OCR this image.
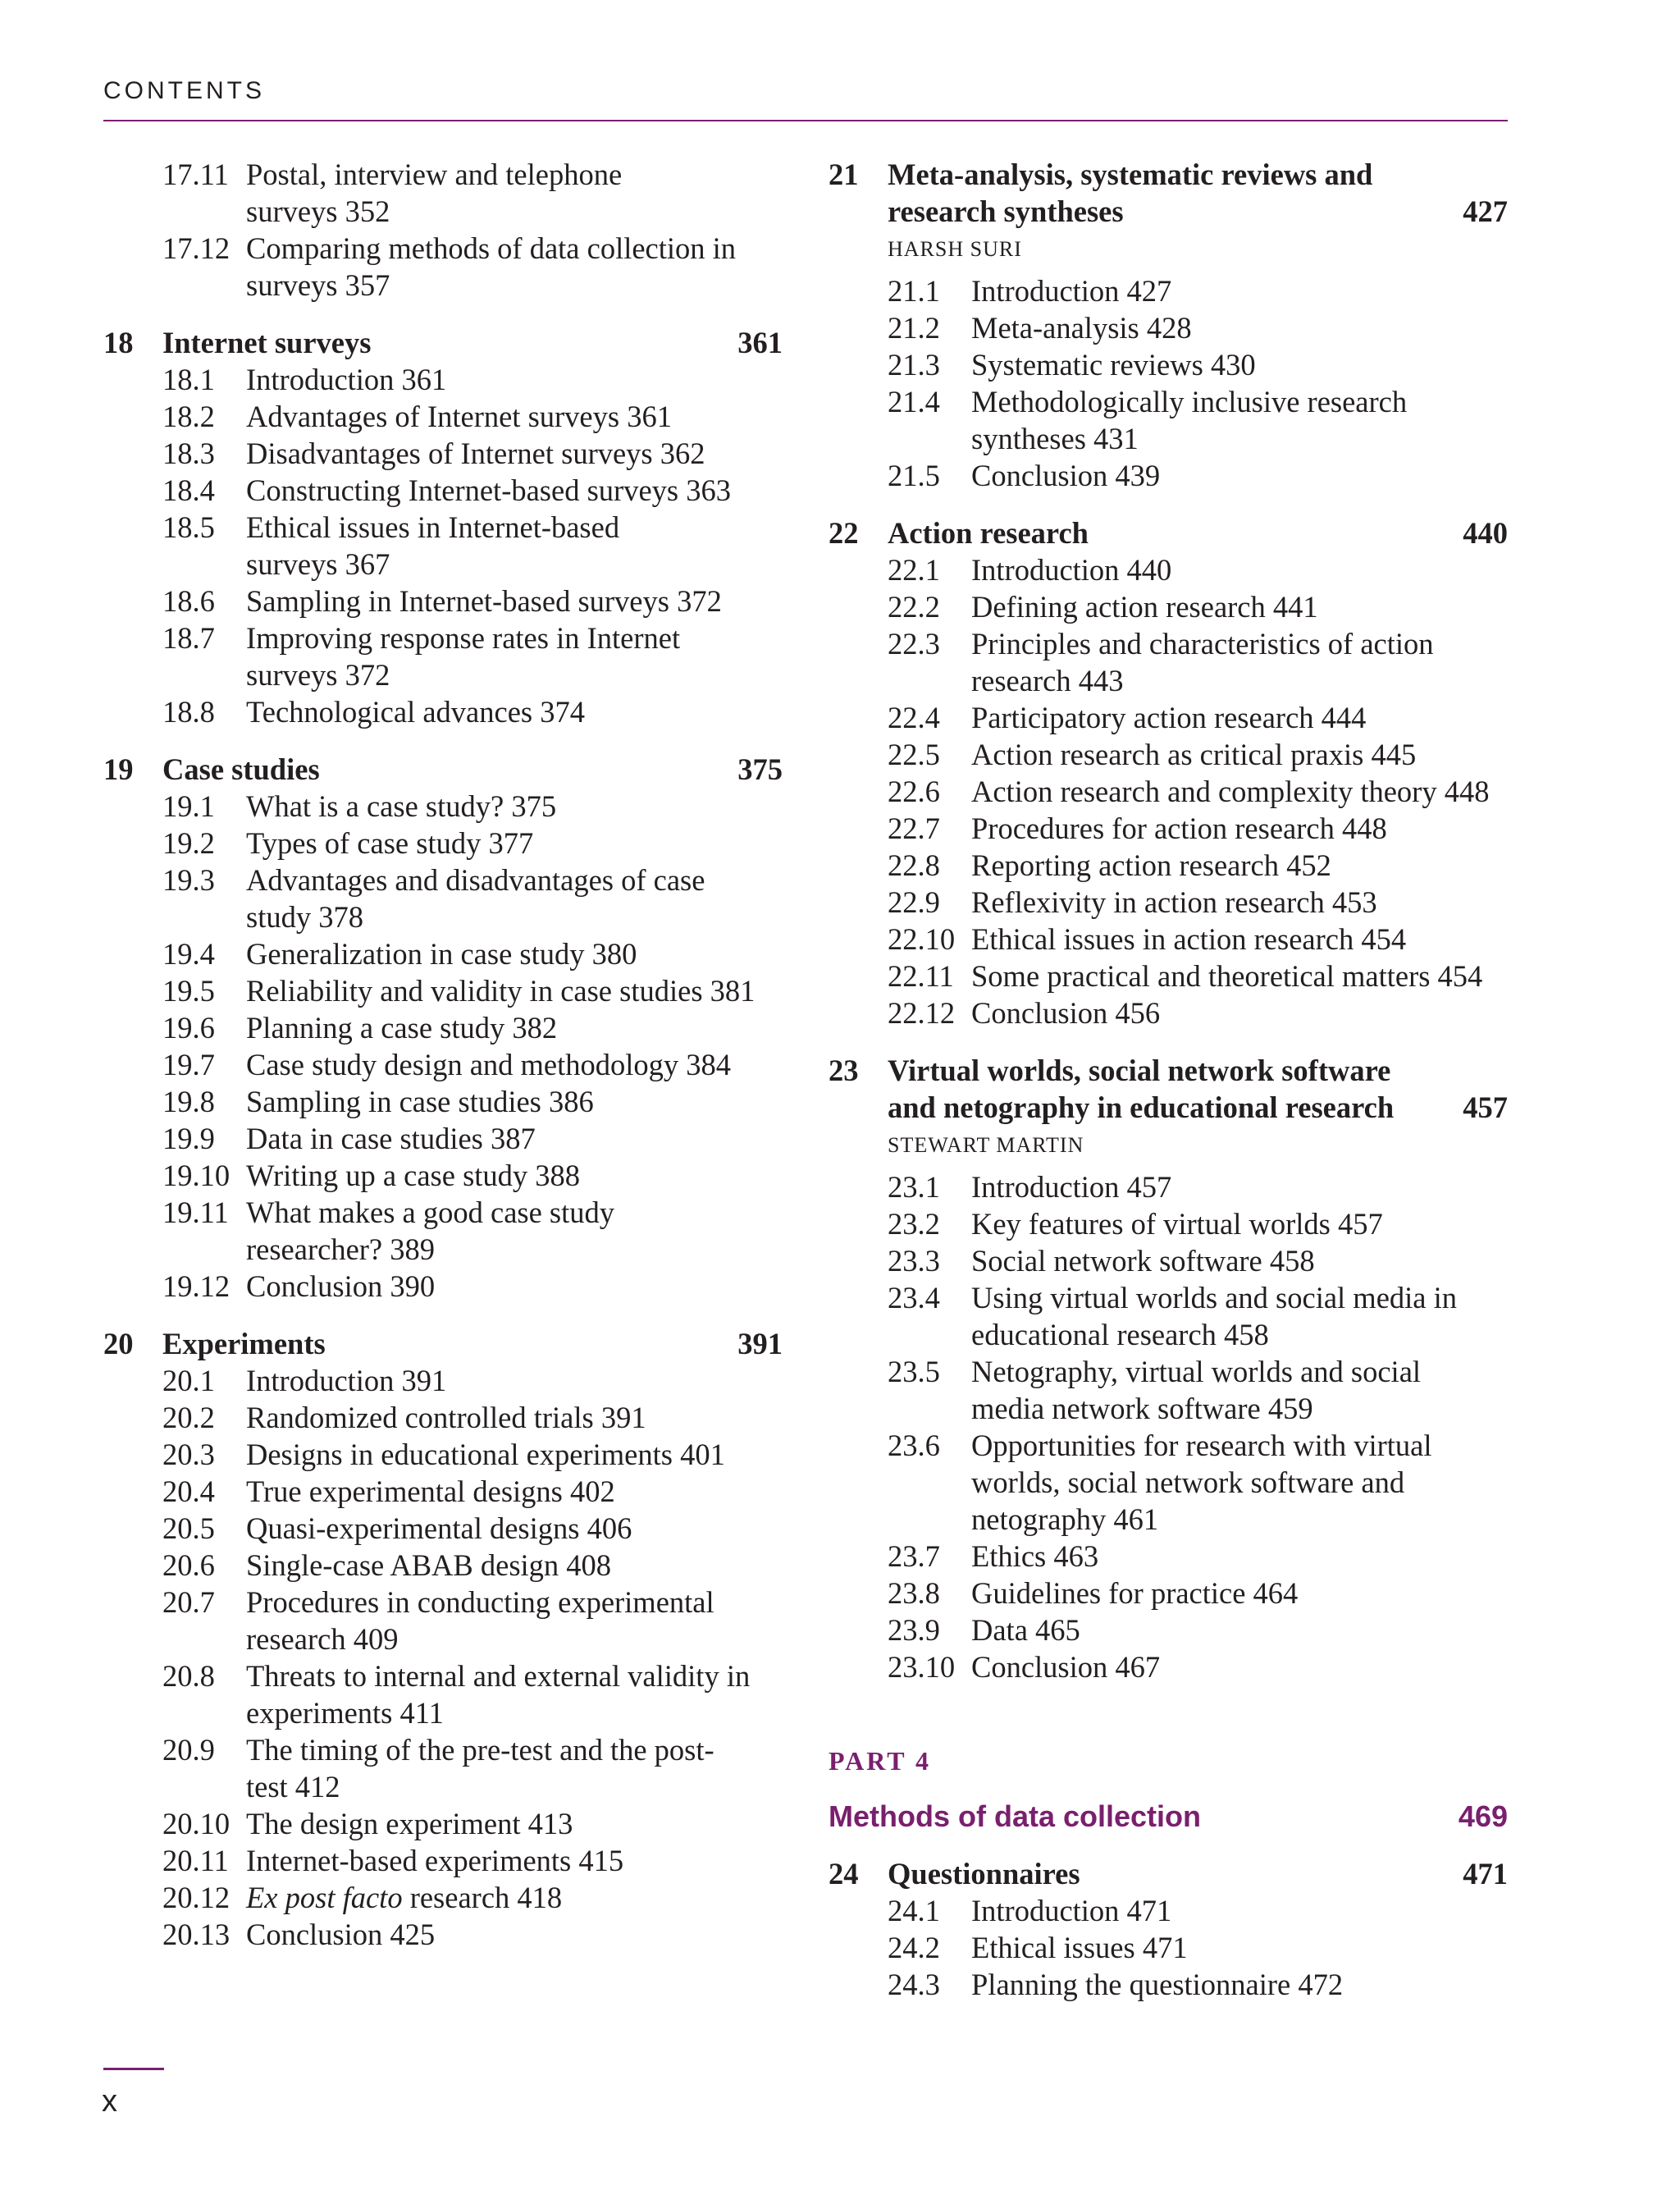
CONTENTS
17.11 Postal, interview and telephone
surveys 352
17.12 Comparing methods of data collection in
surveys 357
18 Internet surveys	361
18.1	Introduction 361
18.2	Advantages of Internet surveys 361
18.3	Disadvantages of Internet surveys 362
18.4	Constructing Internet-based surveys 363
18.5	Ethical issues in Internet-based
surveys 367
18.6	Sampling in Internet-based surveys 372
18.7	Improving response rates in Internet
surveys 372
18.8	Technological advances 374
19 Case studies	375
19.1	What is a case study? 375
19.2	Types of case study 377
19.3	Advantages and disadvantages of case
study 378
19.4	Generalization in case study 380
19.5	Reliability and validity in case studies 381
19.6	Planning a case study 382
19.7	Case study design and methodology 384
19.8	Sampling in case studies 386
19.9	Data in case studies 387
19.10 Writing up a case study 388
19.11 What makes a good case study
researcher? 389
19.12 Conclusion 390
20 Experiments	391
20.1	Introduction 391
20.2	Randomized controlled trials 391
20.3	Designs in educational experiments 401
20.4	True experimental designs 402
20.5	Quasi-experimental designs 406
20.6	Single-case ABAB design 408
20.7	Procedures in conducting experimental
research 409
20.8	Threats to internal and external validity in
experiments 411
20.9	The timing of the pre-test and the post-
test 412
20.10 The design experiment 413
20.11 Internet-based experiments 415
20.12 Ex post facto research 418
20.13 Conclusion 425
21 Meta-analysis, systematic reviews and
research syntheses	427
HARSH SURI
21.1	Introduction 427
21.2	Meta-analysis 428
21.3	Systematic reviews 430
21.4	Methodologically inclusive research
syntheses 431
21.5	Conclusion 439
22 Action research	440
22.1	Introduction 440
22.2	Defining action research 441
22.3	Principles and characteristics of action
research 443
22.4	Participatory action research 444
22.5	Action research as critical praxis 445
22.6	Action research and complexity theory 448
22.7	Procedures for action research 448
22.8	Reporting action research 452
22.9	Reflexivity in action research 453
22.10 Ethical issues in action research 454
22.11 Some practical and theoretical matters 454
22.12 Conclusion 456
23 Virtual worlds, social network software
and netography in educational research	457
STEWART MARTIN
23.1	Introduction 457
23.2	Key features of virtual worlds 457
23.3	Social network software 458
23.4	Using virtual worlds and social media in
educational research 458
23.5	Netography, virtual worlds and social
media network software 459
23.6	Opportunities for research with virtual
worlds, social network software and
netography 461
23.7	Ethics 463
23.8	Guidelines for practice 464
23.9	Data 465
23.10 Conclusion 467
PART 4
Methods of data collection	469
24 Questionnaires	471
24.1	Introduction 471
24.2	Ethical issues 471
24.3	Planning the questionnaire 472
x
